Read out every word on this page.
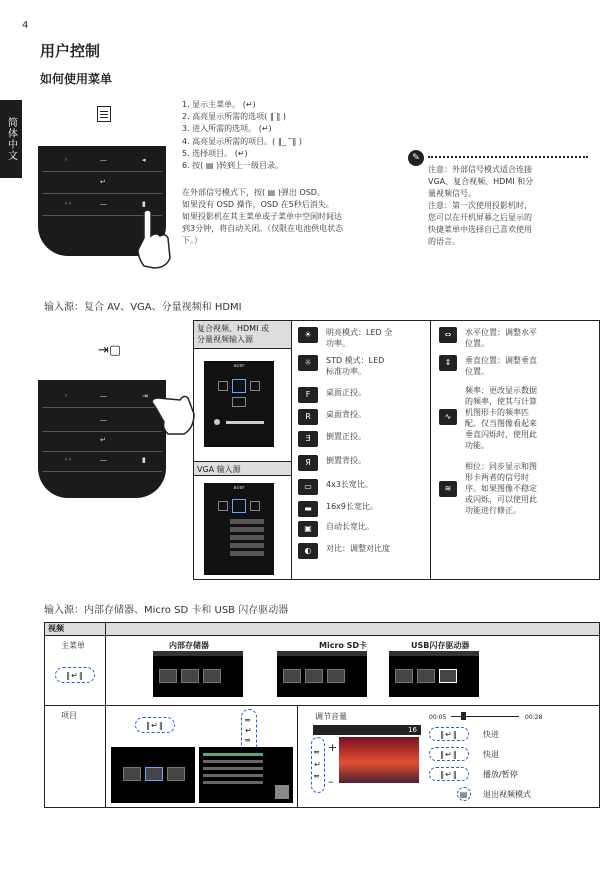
4
简体中文
用户控制
如何使用菜单
◦	—	◂
↵
◦◦	—	▮
1. 显示主菜单。 (↵)
2. 高亮显示所需的选项( ‖ ‖ )
3. 进入所需的选项。 (↵)
4. 高亮显示所需的项目。( ‖_ ‾‖ )
5. 选择项目。 (↵)
6. 按( ▤ )转到上一级目录。
在外部信号模式下，按( ▤ )弹出 OSD。
如果没有 OSD 操作，OSD 在5秒后消失。
如果投影机在其主菜单或子菜单中空闲时间达
到3分钟，将自动关闭。（仅限在电池供电状态
下。）
✎
注意：外部信号模式适合连接
VGA、复合视频、HDMI 和分
量视频信号。
注意：第一次使用投影机时，
您可以在开机屏幕之后显示的
快捷菜单中选择自己喜欢使用
的语言。
输入源：复合 AV、VGA、分量视频和 HDMI
⇥▢
◦	—	⇥
—
↵
◦◦	—	▮
复合视频、HDMI 或
分量视频输入源
acer
VGA 输入源
acer
☀	明亮模式：LED 全
功率。
☼	STD 模式：LED
标准功率。
F	桌面正投。
R	桌面背投。
Ǝ	倒置正投。
Я	倒置背投。
▭	4x3长宽比。
▬	16x9长宽比。
▣	自动长宽比。
◐	对比：调整对比度
⇔	水平位置：调整水平
位置。
⇕	垂直位置：调整垂直
位置。
∿
频率：更改显示数据
的频率，使其与计算
机图形卡的频率匹
配。仅当图像看起来
垂直闪烁时，使用此
功能。
≋
相位：同步显示和图
形卡两者的信号时
序。如果图像不稳定
或闪烁，可以使用此
功能进行修正。
输入源：内部存储器、Micro SD 卡和 USB 闪存驱动器
视频
主菜单
‖↵‖
项目
内部存储器	Micro SD卡	USB闪存驱动器
‖↵‖	═
↵
═
调节音量
16
═
↵
═
+
–
00:05	00:28
‖↵‖	快进
‖↵‖	快退
‖↵‖	播放/暂停
▤	退出视频模式
